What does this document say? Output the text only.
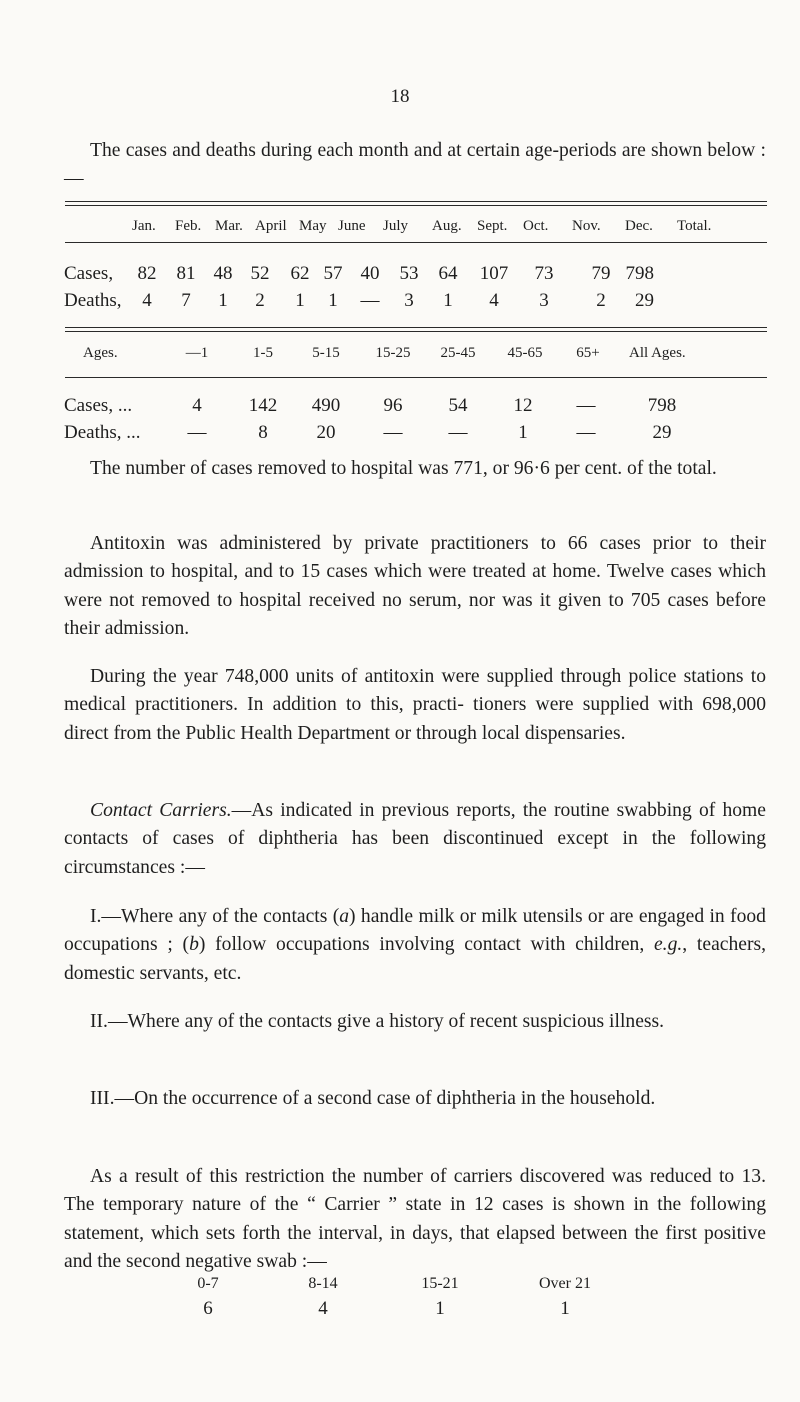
18

The cases and deaths during each month and at certain age-periods are shown below :—

Jan. Feb. Mar. April May June July Aug. Sept. Oct. Nov. Dec. Total.
Cases, 82 81 48 52 62 57 40 53 64	107	73 79 798
Deaths,	4	7	1	2	1	1	—	3	1	4	3	2	29
Ages.	—1	1-5	5-15	15-25	25-45	45-65	65+	All Ages.
Cases, ...	4	142	490	96	54	12	—	798
Deaths, ... —	8	20	—	—	1	—	29

The number of cases removed to hospital was 771, or 96·6 per cent. of the total.

Antitoxin was administered by private practitioners to 66 cases prior to their admission to hospital, and to 15 cases which were treated at home. Twelve cases which were not removed to hospital received no serum, nor was it given to 705 cases before their admission.

During the year 748,000 units of antitoxin were supplied through police stations to medical practitioners. In addition to this, practi- tioners were supplied with 698,000 direct from the Public Health Department or through local dispensaries.

Contact Carriers.—As indicated in previous reports, the routine swabbing of home contacts of cases of diphtheria has been discontinued except in the following circumstances :—

I.—Where any of the contacts (a) handle milk or milk utensils or are engaged in food occupations ; (b) follow occupations involving contact with children, e.g., teachers, domestic servants, etc.

II.—Where any of the contacts give a history of recent suspicious illness.

III.—On the occurrence of a second case of diphtheria in the household.

As a result of this restriction the number of carriers discovered was reduced to 13. The temporary nature of the “ Carrier ” state in 12 cases is shown in the following statement, which sets forth the interval, in days, that elapsed between the first positive and the second negative swab :—

0-7	8-14	15-21	Over 21
6	4	1	1
